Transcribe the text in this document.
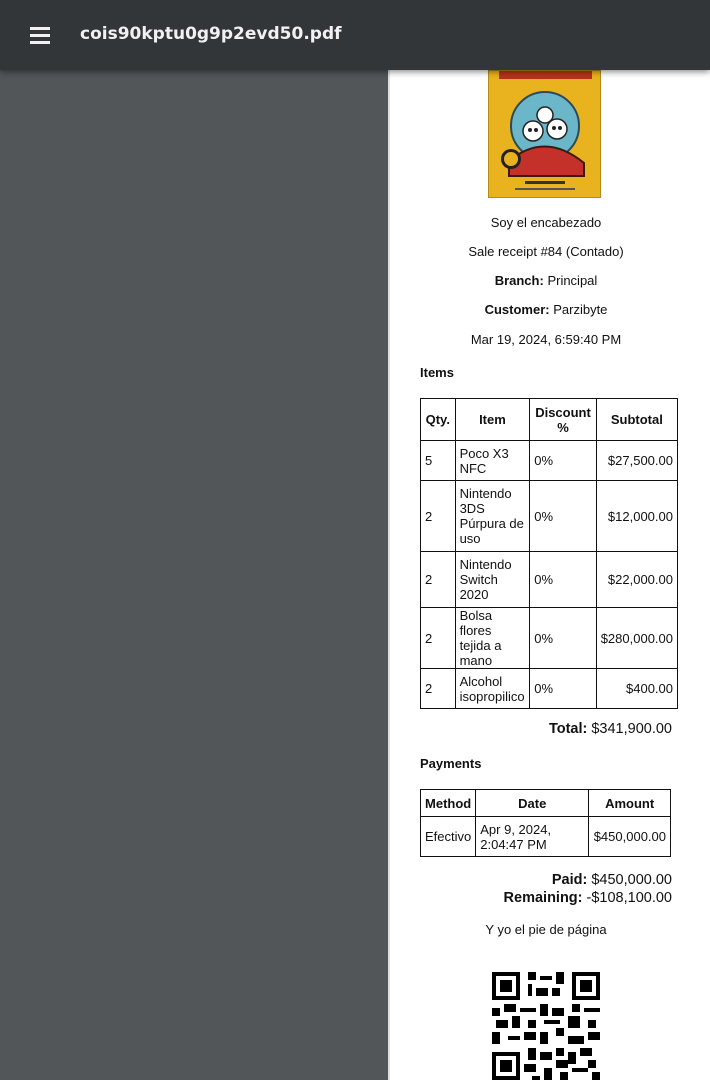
cois90kptu0g9p2evd50.pdf
Soy el encabezado
Sale receipt #84 (Contado)
Branch: Principal
Customer: Parzibyte
Mar 19, 2024, 6:59:40 PM
Items
Qty.	Item	Discount %	Subtotal
5	Poco X3 NFC	0%	$27,500.00
2	Nintendo 3DS Púrpura de uso	0%	$12,000.00
2	Nintendo Switch 2020	0%	$22,000.00
2	Bolsa flores tejida a mano	0%	$280,000.00
2	Alcohol isopropilico	0%	$400.00
Total: $341,900.00
Payments
Method	Date	Amount
Efectivo	Apr 9, 2024, 2:04:47 PM	$450,000.00
Paid: $450,000.00
Remaining: -$108,100.00
Y yo el pie de página
